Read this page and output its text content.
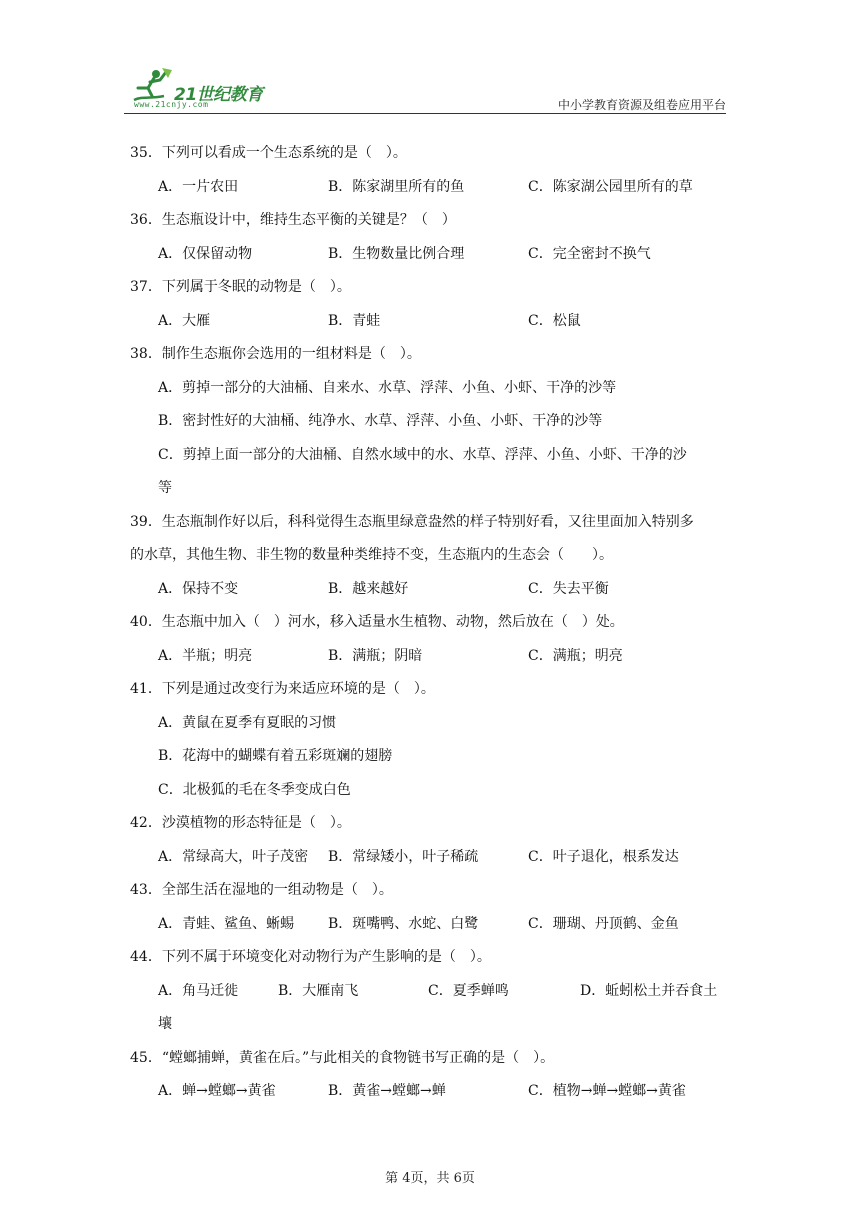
21世纪教育
www.21cnjy.com	中小学教育资源及组卷应用平台
35．下列可以看成一个生态系统的是（　）。
A．一片农田	B．陈家湖里所有的鱼	C．陈家湖公园里所有的草
36．生态瓶设计中，维持生态平衡的关键是？（　）
A．仅保留动物	B．生物数量比例合理	C．完全密封不换气
37．下列属于冬眠的动物是（　）。
A．大雁	B．青蛙	C．松鼠
38．制作生态瓶你会选用的一组材料是（　）。
A．剪掉一部分的大油桶、自来水、水草、浮萍、小鱼、小虾、干净的沙等
B．密封性好的大油桶、纯净水、水草、浮萍、小鱼、小虾、干净的沙等
C．剪掉上面一部分的大油桶、自然水域中的水、水草、浮萍、小鱼、小虾、干净的沙
等
39．生态瓶制作好以后，科科觉得生态瓶里绿意盎然的样子特别好看，又往里面加入特别多
的水草，其他生物、非生物的数量种类维持不变，生态瓶内的生态会（　　）。
A．保持不变	B．越来越好	C．失去平衡
40．生态瓶中加入（　）河水，移入适量水生植物、动物，然后放在（　）处。
A．半瓶；明亮	B．满瓶；阴暗	C．满瓶；明亮
41．下列是通过改变行为来适应环境的是（　）。
A．黄鼠在夏季有夏眠的习惯
B．花海中的蝴蝶有着五彩斑斓的翅膀
C．北极狐的毛在冬季变成白色
42．沙漠植物的形态特征是（　）。
A．常绿高大，叶子茂密 B．常绿矮小，叶子稀疏	C．叶子退化，根系发达
43．全部生活在湿地的一组动物是（　）。
A．青蛙、鲨鱼、蜥蜴 B．斑嘴鸭、水蛇、白鹭	C．珊瑚、丹顶鹤、金鱼
44．下列不属于环境变化对动物行为产生影响的是（　）。
A．角马迁徙	B．大雁南飞	C．夏季蝉鸣	D．蚯蚓松土并吞食土
壤
45．“螳螂捕蝉，黄雀在后。”与此相关的食物链书写正确的是（　）。
A．蝉→螳螂→黄雀	B．黄雀→螳螂→蝉	C．植物→蝉→螳螂→黄雀
第 4页，共 6页
